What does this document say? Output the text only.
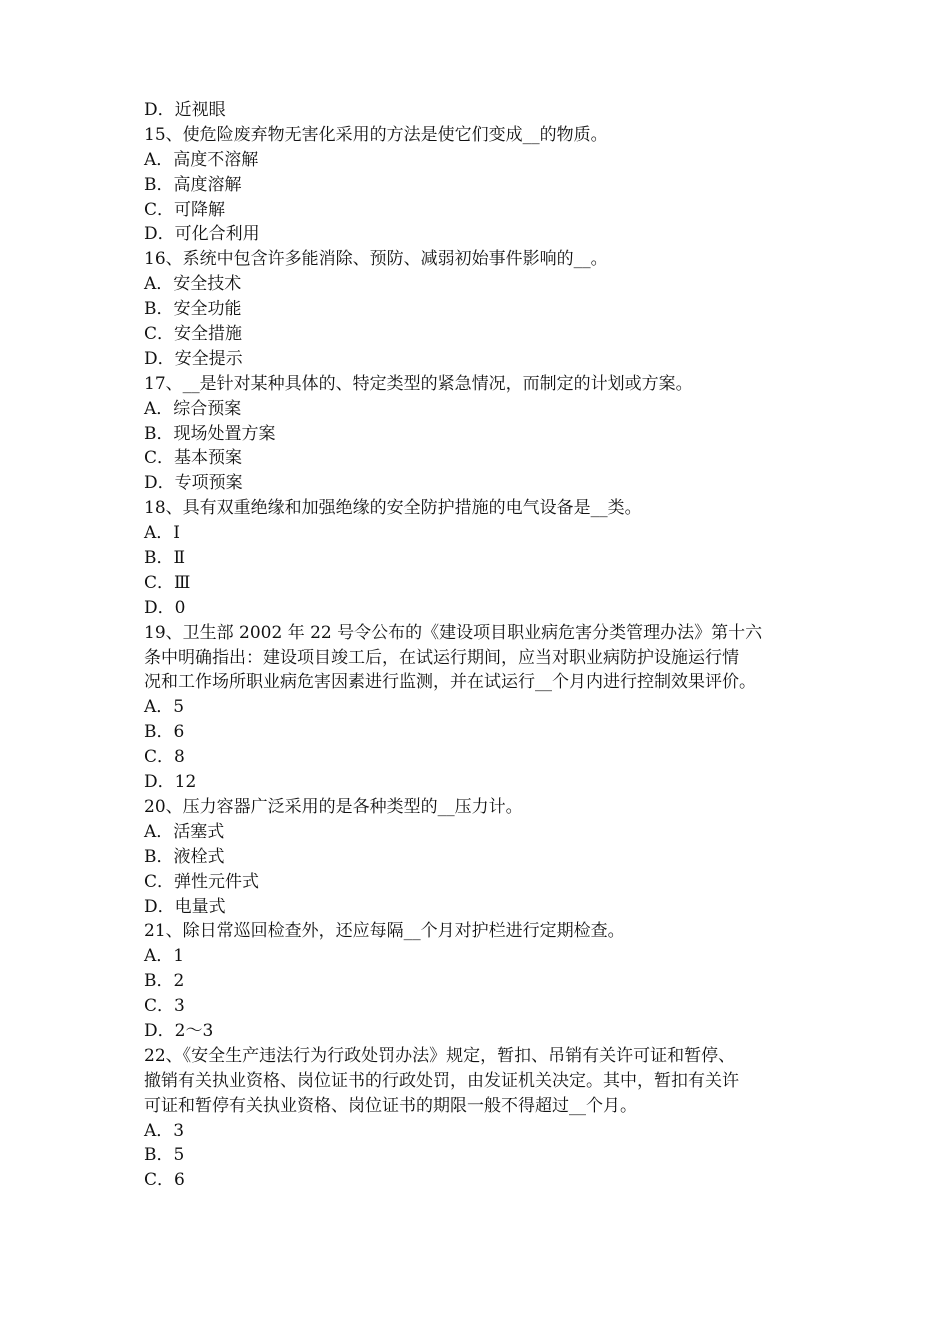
D．近视眼
15、使危险废弃物无害化采用的方法是使它们变成__的物质。
A．高度不溶解
B．高度溶解
C．可降解
D．可化合利用
16、系统中包含许多能消除、预防、减弱初始事件影响的__。
A．安全技术
B．安全功能
C．安全措施
D．安全提示
17、__是针对某种具体的、特定类型的紧急情况，而制定的计划或方案。
A．综合预案
B．现场处置方案
C．基本预案
D．专项预案
18、具有双重绝缘和加强绝缘的安全防护措施的电气设备是__类。
A．Ⅰ
B．Ⅱ
C．Ⅲ
D．0
19、卫生部 2002 年 22 号令公布的《建设项目职业病危害分类管理办法》第十六
条中明确指出：建设项目竣工后，在试运行期间，应当对职业病防护设施运行情
况和工作场所职业病危害因素进行监测，并在试运行__个月内进行控制效果评价。
A．5
B．6
C．8
D．12
20、压力容器广泛采用的是各种类型的__压力计。
A．活塞式
B．液栓式
C．弹性元件式
D．电量式
21、除日常巡回检查外，还应每隔__个月对护栏进行定期检查。
A．1
B．2
C．3
D．2～3
22、《安全生产违法行为行政处罚办法》规定，暂扣、吊销有关许可证和暂停、
撤销有关执业资格、岗位证书的行政处罚，由发证机关决定。其中，暂扣有关许
可证和暂停有关执业资格、岗位证书的期限一般不得超过__个月。
A．3
B．5
C．6
